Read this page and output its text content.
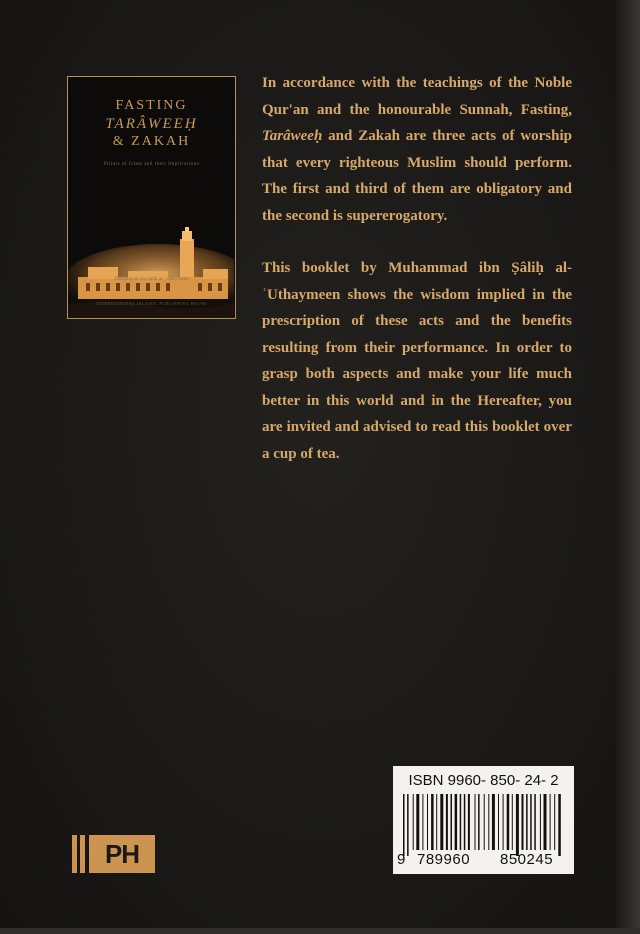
FASTING
TARÂWEEḤ
& ZAKAH
Pillars of Islam and their Implications
Muhammad ibn Ṣâliḥ al-ʿUthaymeen
INTERNATIONAL ISLAMIC PUBLISHING HOUSE

In accordance with the teachings of the Noble Qur'an and the honourable Sunnah, Fasting, Tarâweeḥ and Zakah are three acts of worship that every righteous Muslim should perform. The first and third of them are obligatory and the second is supererogatory.

This booklet by Muhammad ibn Ṣâliḥ al-ʿUthaymeen shows the wisdom implied in the prescription of these acts and the benefits resulting from their performance. In order to grasp both aspects and make your life much better in this world and in the Hereafter, you are invited and advised to read this booklet over a cup of tea.

ISBN 9960- 850- 24- 2
9 789960 850245
PH
